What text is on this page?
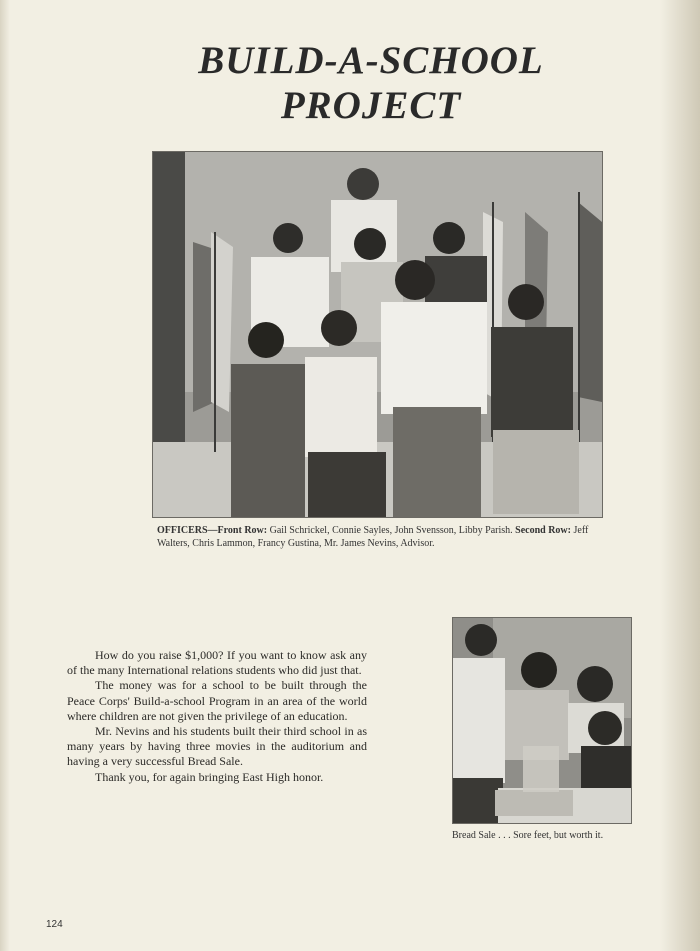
BUILD-A-SCHOOL
PROJECT
OFFICERS—Front Row: Gail Schrickel, Connie Sayles, John Svensson, Libby Parish. Second Row: Jeff Walters, Chris Lammon, Francy Gustina, Mr. James Nevins, Advisor.

How do you raise $1,000? If you want to know ask any of the many International relations students who did just that.

The money was for a school to be built through the Peace Corps' Build-a-school Program in an area of the world where children are not given the privilege of an education.

Mr. Nevins and his students built their third school in as many years by having three movies in the auditorium and having a very successful Bread Sale.

Thank you, for again bringing East High honor.

Bread Sale . . . Sore feet, but worth it.
124
